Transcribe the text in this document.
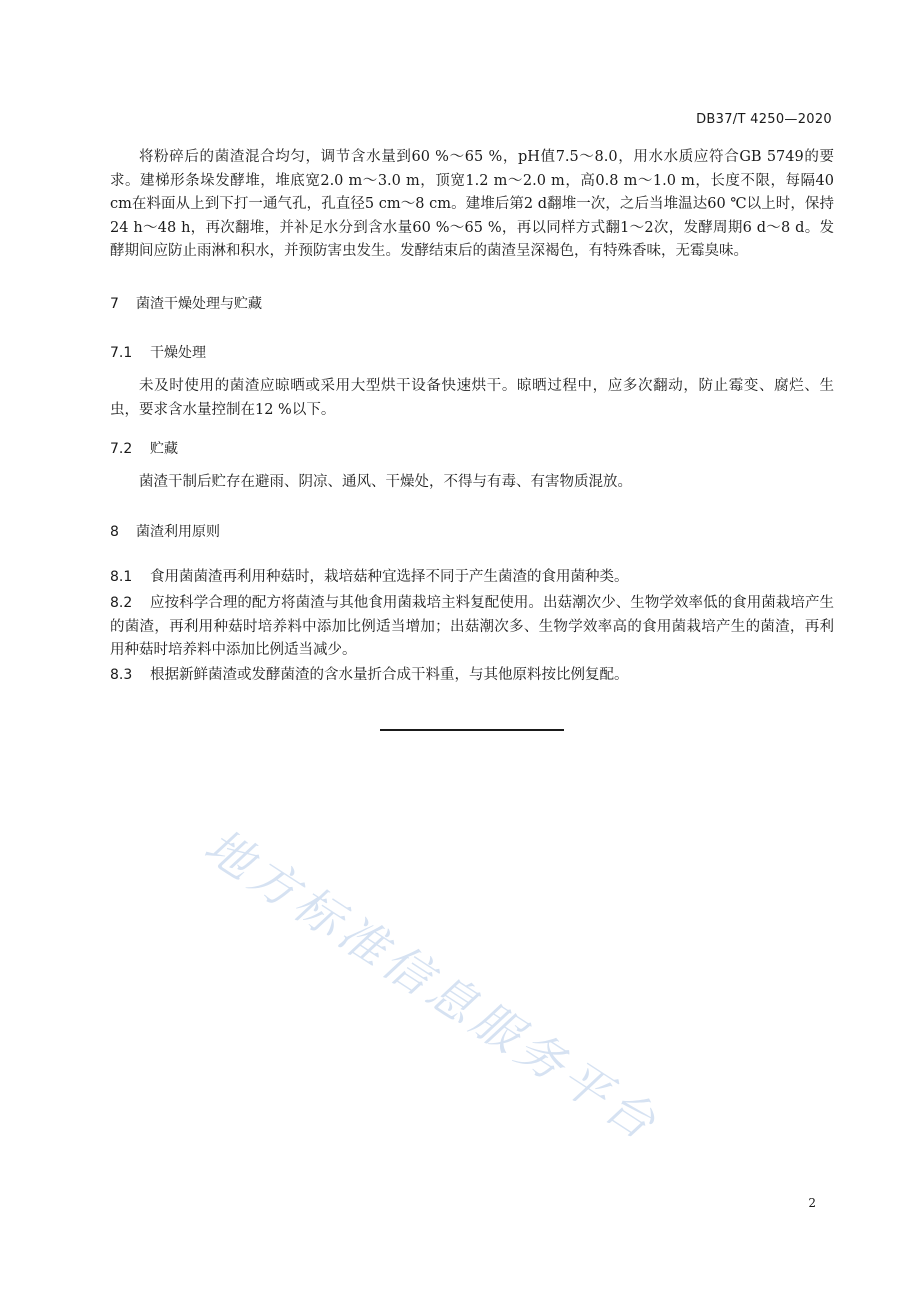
DB37/T 4250—2020
将粉碎后的菌渣混合均匀，调节含水量到60 %～65 %，pH值7.5～8.0，用水水质应符合GB 5749的要求。建梯形条垛发酵堆，堆底宽2.0 m～3.0 m，顶宽1.2 m～2.0 m，高0.8 m～1.0 m，长度不限，每隔40 cm在料面从上到下打一通气孔，孔直径5 cm～8 cm。建堆后第2 d翻堆一次，之后当堆温达60 ℃以上时，保持24 h～48 h，再次翻堆，并补足水分到含水量60 %～65 %，再以同样方式翻1～2次，发酵周期6 d～8 d。发酵期间应防止雨淋和积水，并预防害虫发生。发酵结束后的菌渣呈深褐色，有特殊香味，无霉臭味。
7 菌渣干燥处理与贮藏
7.1 干燥处理
未及时使用的菌渣应晾晒或采用大型烘干设备快速烘干。晾晒过程中，应多次翻动，防止霉变、腐烂、生虫，要求含水量控制在12 %以下。
7.2 贮藏
菌渣干制后贮存在避雨、阴凉、通风、干燥处，不得与有毒、有害物质混放。
8 菌渣利用原则
8.1 食用菌菌渣再利用种菇时，栽培菇种宜选择不同于产生菌渣的食用菌种类。
8.2 应按科学合理的配方将菌渣与其他食用菌栽培主料复配使用。出菇潮次少、生物学效率低的食用菌栽培产生的菌渣，再利用种菇时培养料中添加比例适当增加；出菇潮次多、生物学效率高的食用菌栽培产生的菌渣，再利用种菇时培养料中添加比例适当减少。
8.3 根据新鲜菌渣或发酵菌渣的含水量折合成干料重，与其他原料按比例复配。
地方标准信息服务平台
2
